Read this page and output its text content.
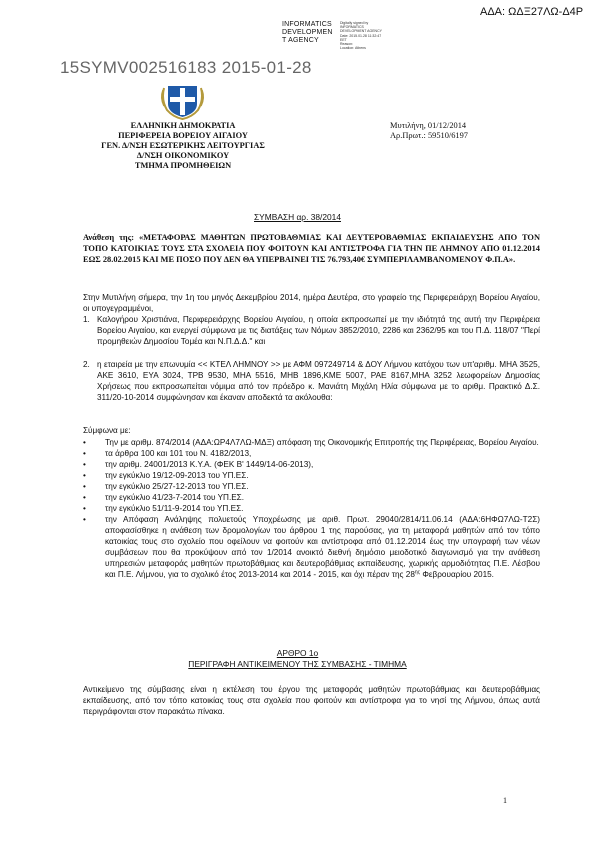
ΑΔΑ: ΩΔΞ27ΛΩ-Δ4Ρ
INFORMATICS
DEVELOPMEN
T AGENCY
Digitally signed by
INFORMATICS
DEVELOPMENT AGENCY
Date: 2015.01.28 11:32:47
EET
Reason:
Location: Athens
15SYMV002516183 2015-01-28
ΕΛΛΗΝΙΚΗ ΔΗΜΟΚΡΑΤΙΑ
ΠΕΡΙΦΕΡΕΙΑ ΒΟΡΕΙΟΥ ΑΙΓΑΙΟΥ
ΓΕΝ. Δ/ΝΣΗ ΕΣΩΤΕΡΙΚΗΣ ΛΕΙΤΟΥΡΓΙΑΣ
Δ/ΝΣΗ ΟΙΚΟΝΟΜΙΚΟΥ
ΤΜΗΜΑ ΠΡΟΜΗΘΕΙΩΝ
Μυτιλήνη, 01/12/2014
Αρ.Πρωτ.: 59510/6197
ΣΥΜΒΑΣΗ αρ. 38/2014
Ανάθεση της: «ΜΕΤΑΦΟΡΑΣ ΜΑΘΗΤΩΝ ΠΡΩΤΟΒΑΘΜΙΑΣ ΚΑΙ ΔΕΥΤΕΡΟΒΑΘΜΙΑΣ ΕΚΠΑΙΔΕΥΣΗΣ ΑΠΟ ΤΟΝ ΤΟΠΟ ΚΑΤΟΙΚΙΑΣ ΤΟΥΣ ΣΤΑ ΣΧΟΛΕΙΑ ΠΟΥ ΦΟΙΤΟΥΝ ΚΑΙ ΑΝΤΙΣΤΡΟΦΑ ΓΙΑ ΤΗΝ ΠΕ ΛΗΜΝΟΥ ΑΠΟ 01.12.2014 ΕΩΣ 28.02.2015 ΚΑΙ ΜΕ ΠΟΣΟ ΠΟΥ ΔΕΝ ΘΑ ΥΠΕΡΒΑΙΝΕΙ ΤΙΣ 76.793,40€ ΣΥΜΠΕΡΙΛΑΜΒΑΝΟΜΕΝΟΥ Φ.Π.Α».
Στην Μυτιλήνη σήμερα, την 1η του μηνός Δεκεμβρίου 2014, ημέρα Δευτέρα, στο γραφείο της Περιφερειάρχη Βορείου Αιγαίου, οι υπογεγραμμένοι,
1. Καλογήρου Χριστιάνα, Περιφερειάρχης Βορείου Αιγαίου, η οποία εκπροσωπεί με την ιδιότητά της αυτή την Περιφέρεια Βορείου Αιγαίου, και ενεργεί σύμφωνα με τις διατάξεις των Νόμων 3852/2010, 2286 και 2362/95 και του Π.Δ. 118/07 "Περί προμηθειών Δημοσίου Τομέα και Ν.Π.Δ.Δ." και
2. η εταιρεία με την επωνυμία << ΚΤΕΛ ΛΗΜΝΟΥ >> με ΑΦΜ 097249714 & ΔΟΥ Λήμνου κατόχου των υπ'αριθμ. ΜΗΑ 3525, ΑΚΕ 3610, ΕΥΑ 3024, ΤΡΒ 9530, ΜΗΑ 5516, ΜΗΒ 1896,ΚΜΕ 5007, ΡΑΕ 8167,ΜΗΑ 3252 λεωφορείων Δημοσίας Χρήσεως που εκπροσωπείται νόμιμα από τον πρόεδρο κ. Μανιάτη Μιχάλη Ηλία σύμφωνα με το αριθμ. Πρακτικό Δ.Σ. 311/20-10-2014 συμφώνησαν και έκαναν αποδεκτά τα ακόλουθα:
Σύμφωνα με:
• Την με αριθμ. 874/2014 (ΑΔΑ:ΩΡ4Λ7ΛΩ-ΜΔΞ) απόφαση της Οικονομικής Επιτροπής της Περιφέρειας, Βορείου Αιγαίου.
• τα άρθρα 100 και 101 του Ν. 4182/2013,
• την αριθμ. 24001/2013 Κ.Υ.Α. (ΦΕΚ Β' 1449/14-06-2013),
• την εγκύκλιο 19/12-09-2013 του ΥΠ.ΕΣ.
• την εγκύκλιο 25/27-12-2013 του ΥΠ.ΕΣ.
• την εγκύκλιο 41/23-7-2014 του ΥΠ.ΕΣ.
• την εγκύκλιο 51/11-9-2014 του ΥΠ.ΕΣ.
• την Απόφαση Ανάληψης πολυετούς Υποχρέωσης με αριθ. Πρωτ. 29040/2814/11.06.14 (ΑΔΑ:6ΗΦΩ7ΛΩ-Τ2Σ) αποφασίσθηκε η ανάθεση των δρομολογίων του άρθρου 1 της παρούσας, για τη μεταφορά μαθητών από τον τόπο κατοικίας τους στο σχολείο που οφείλουν να φοιτούν και αντίστροφα από 01.12.2014 έως την υπογραφή των νέων συμβάσεων που θα προκύψουν από τον 1/2014 ανοικτό διεθνή δημόσιο μειοδοτικό διαγωνισμό για την ανάθεση υπηρεσιών μεταφοράς μαθητών πρωτοβάθμιας και δευτεροβάθμιας εκπαίδευσης, χωρικής αρμοδιότητας Π.Ε. Λέσβου και Π.Ε. Λήμνου, για το σχολικό έτος 2013-2014 και 2014 - 2015, και όχι πέραν της $28^{\eta\varsigma}$ Φεβρουαρίου 2015.
ΑΡΘΡΟ 1ο
ΠΕΡΙΓΡΑΦΗ ΑΝΤΙΚΕΙΜΕΝΟΥ ΤΗΣ ΣΥΜΒΑΣΗΣ - ΤΙΜΗΜΑ
Αντικείμενο της σύμβασης είναι η εκτέλεση του έργου της μεταφοράς μαθητών πρωτοβάθμιας και δευτεροβάθμιας εκπαίδευσης, από τον τόπο κατοικίας τους στα σχολεία που φοιτούν και αντίστροφα για το νησί της Λήμνου, όπως αυτά περιγράφονται στον παρακάτω πίνακα.
1
